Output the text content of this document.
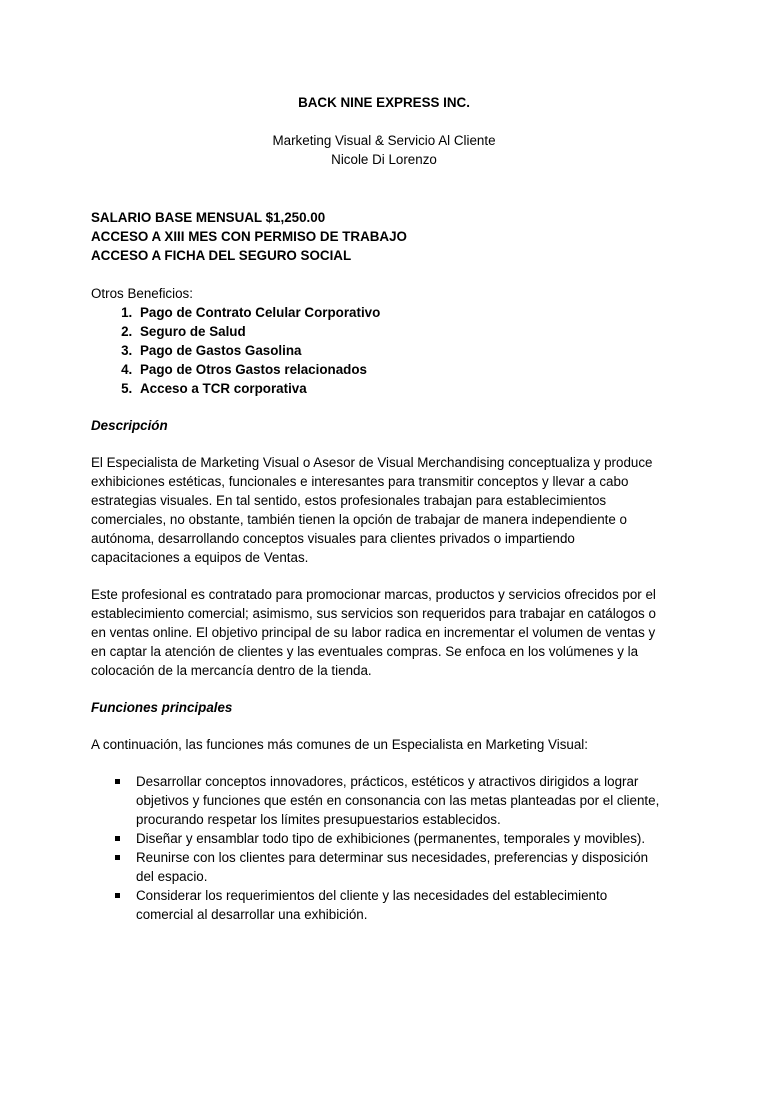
BACK NINE EXPRESS INC.
Marketing Visual & Servicio Al Cliente
Nicole Di Lorenzo
SALARIO BASE MENSUAL $1,250.00
ACCESO A XIII MES CON PERMISO DE TRABAJO
ACCESO A FICHA DEL SEGURO SOCIAL
Otros Beneficios:
1. Pago de Contrato Celular Corporativo
2. Seguro de Salud
3. Pago de Gastos Gasolina
4. Pago de Otros Gastos relacionados
5. Acceso a TCR corporativa
Descripción
El Especialista de Marketing Visual o Asesor de Visual Merchandising conceptualiza y produce
exhibiciones estéticas, funcionales e interesantes para transmitir conceptos y llevar a cabo
estrategias visuales. En tal sentido, estos profesionales trabajan para establecimientos
comerciales, no obstante, también tienen la opción de trabajar de manera independiente o
autónoma, desarrollando conceptos visuales para clientes privados o impartiendo
capacitaciones a equipos de Ventas.
Este profesional es contratado para promocionar marcas, productos y servicios ofrecidos por el
establecimiento comercial; asimismo, sus servicios son requeridos para trabajar en catálogos o
en ventas online. El objetivo principal de su labor radica en incrementar el volumen de ventas y
en captar la atención de clientes y las eventuales compras. Se enfoca en los volúmenes y la
colocación de la mercancía dentro de la tienda.
Funciones principales
A continuación, las funciones más comunes de un Especialista en Marketing Visual:
Desarrollar conceptos innovadores, prácticos, estéticos y atractivos dirigidos a lograr
objetivos y funciones que estén en consonancia con las metas planteadas por el cliente,
procurando respetar los límites presupuestarios establecidos.
Diseñar y ensamblar todo tipo de exhibiciones (permanentes, temporales y movibles).
Reunirse con los clientes para determinar sus necesidades, preferencias y disposición
del espacio.
Considerar los requerimientos del cliente y las necesidades del establecimiento
comercial al desarrollar una exhibición.
